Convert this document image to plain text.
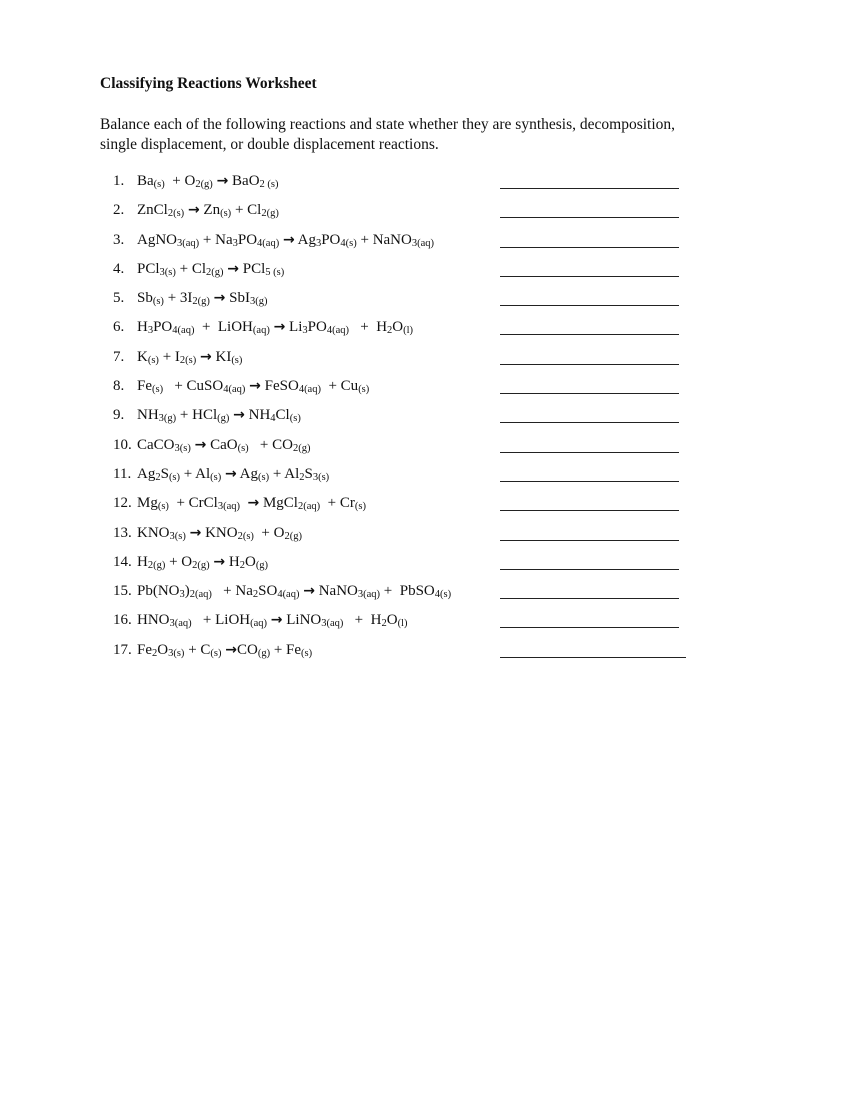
Classifying Reactions Worksheet
Balance each of the following reactions and state whether they are synthesis, decomposition, single displacement, or double displacement reactions.
1. $Ba_{(s)} + O_{2(g)} \to BaO_{2 (s)}$
2. ZnCl$_{2(s)}$ → $Zn_{(s)} + Cl_{2(g)}$
3. AgNO$_{3(aq)}$ + $Na_3PO_{4(aq)} \to Ag_3PO_{4(s)}$ + NaNO$_{3(aq)}$
4. $PCl_{3(s)} + Cl_{2(g)} \to PCl_{5 (s)}$
5. $Sb_{(s)} + 3I_{2(g)} \to SbI_{3(g)}$
6. $H_3PO_{4(aq)}$  +  LiOH$_{(aq)}$ → $Li_3PO_{4(aq)} + H_2O_{(l)}$
7. $K_{(s)} + I_{2(s)} \to KI_{(s)}$
8. $Fe_{(s)}$   + CuSO$_{4(aq)}$ → FeSO$_{4(aq)}$  + $Cu_{(s)}$
9. $NH_{3(g)} + HCl_{(g)} \to NH_4Cl_{(s)}$
10. CaCO$_{3(s)}$ → $CaO_{(s)} + CO_{2(g)}$
11. $Ag_2S_{(s)} + Al_{(s)} \to Ag_{(s)} + Al_2S_{3(s)}$
12. $Mg_{(s)}$  + CrCl$_{3(aq)}$ → MgCl$_{2(aq)}$  + $Cr_{(s)}$
13. $KNO_{3(s)} \to KNO_{2(s)} + O_{2(g)}$
14. $H_{2(g)} + O_{2(g)} \to H_2O_{(g)}$
15. $Pb(NO_3)_{2(aq)} + Na_2SO_{4(aq)}$ → NaNO$_{3(aq)}$ +  PbSO$_{4(s)}$
16. $HNO_{3(aq)}$   + LiOH$_{(aq)}$ → LiNO$_{3(aq)}$   +  $H_2O_{(l)}$
17. $Fe_2O_{3(s)} + C_{(s)} \to CO_{(g)} + Fe_{(s)}$
